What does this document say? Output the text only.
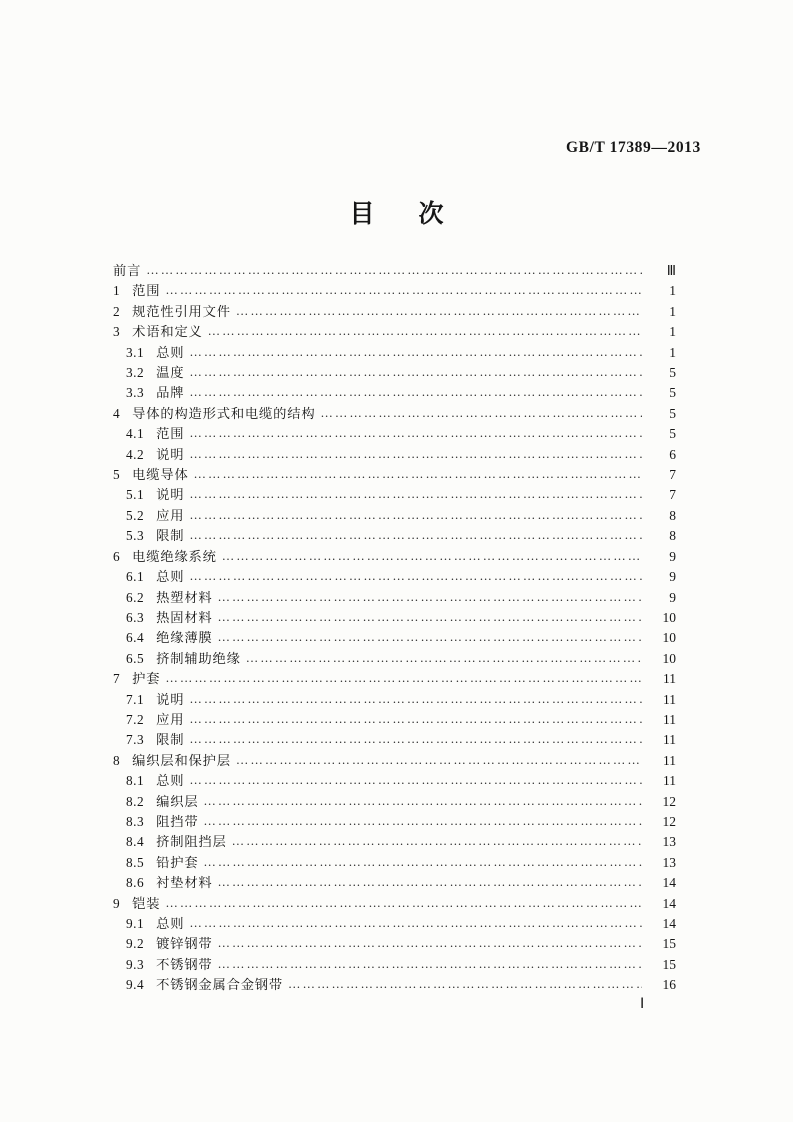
GB/T 17389—2013
目次
前言 ……………………………………………………………………………………………………………………………………………………	Ⅲ
1 范围 ……………………………………………………………………………………………………………………………………………………	1
2 规范性引用文件 ……………………………………………………………………………………………………………………………………………………	1
3 术语和定义 ……………………………………………………………………………………………………………………………………………………	1
3.1 总则 ……………………………………………………………………………………………………………………………………………………	1
3.2 温度 ……………………………………………………………………………………………………………………………………………………	5
3.3 品牌 ……………………………………………………………………………………………………………………………………………………	5
4 导体的构造形式和电缆的结构 ……………………………………………………………………………………………………………………………………………………	5
4.1 范围 ……………………………………………………………………………………………………………………………………………………	5
4.2 说明 ……………………………………………………………………………………………………………………………………………………	6
5 电缆导体 ……………………………………………………………………………………………………………………………………………………	7
5.1 说明 ……………………………………………………………………………………………………………………………………………………	7
5.2 应用 ……………………………………………………………………………………………………………………………………………………	8
5.3 限制 ……………………………………………………………………………………………………………………………………………………	8
6 电缆绝缘系统 ……………………………………………………………………………………………………………………………………………………	9
6.1 总则 ……………………………………………………………………………………………………………………………………………………	9
6.2 热塑材料 ……………………………………………………………………………………………………………………………………………………	9
6.3 热固材料 ……………………………………………………………………………………………………………………………………………………	10
6.4 绝缘薄膜 ……………………………………………………………………………………………………………………………………………………	10
6.5 挤制辅助绝缘 ……………………………………………………………………………………………………………………………………………………	10
7 护套 ……………………………………………………………………………………………………………………………………………………	11
7.1 说明 ……………………………………………………………………………………………………………………………………………………	11
7.2 应用 ……………………………………………………………………………………………………………………………………………………	11
7.3 限制 ……………………………………………………………………………………………………………………………………………………	11
8 编织层和保护层 ……………………………………………………………………………………………………………………………………………………	11
8.1 总则 ……………………………………………………………………………………………………………………………………………………	11
8.2 编织层 ……………………………………………………………………………………………………………………………………………………	12
8.3 阻挡带 ……………………………………………………………………………………………………………………………………………………	12
8.4 挤制阻挡层 ……………………………………………………………………………………………………………………………………………………	13
8.5 铅护套 ……………………………………………………………………………………………………………………………………………………	13
8.6 衬垫材料 ……………………………………………………………………………………………………………………………………………………	14
9 铠装 ……………………………………………………………………………………………………………………………………………………	14
9.1 总则 ……………………………………………………………………………………………………………………………………………………	14
9.2 镀锌钢带 ……………………………………………………………………………………………………………………………………………………	15
9.3 不锈钢带 ……………………………………………………………………………………………………………………………………………………	15
9.4 不锈钢金属合金钢带 ……………………………………………………………………………………………………………………………………………………	16
Ⅰ
